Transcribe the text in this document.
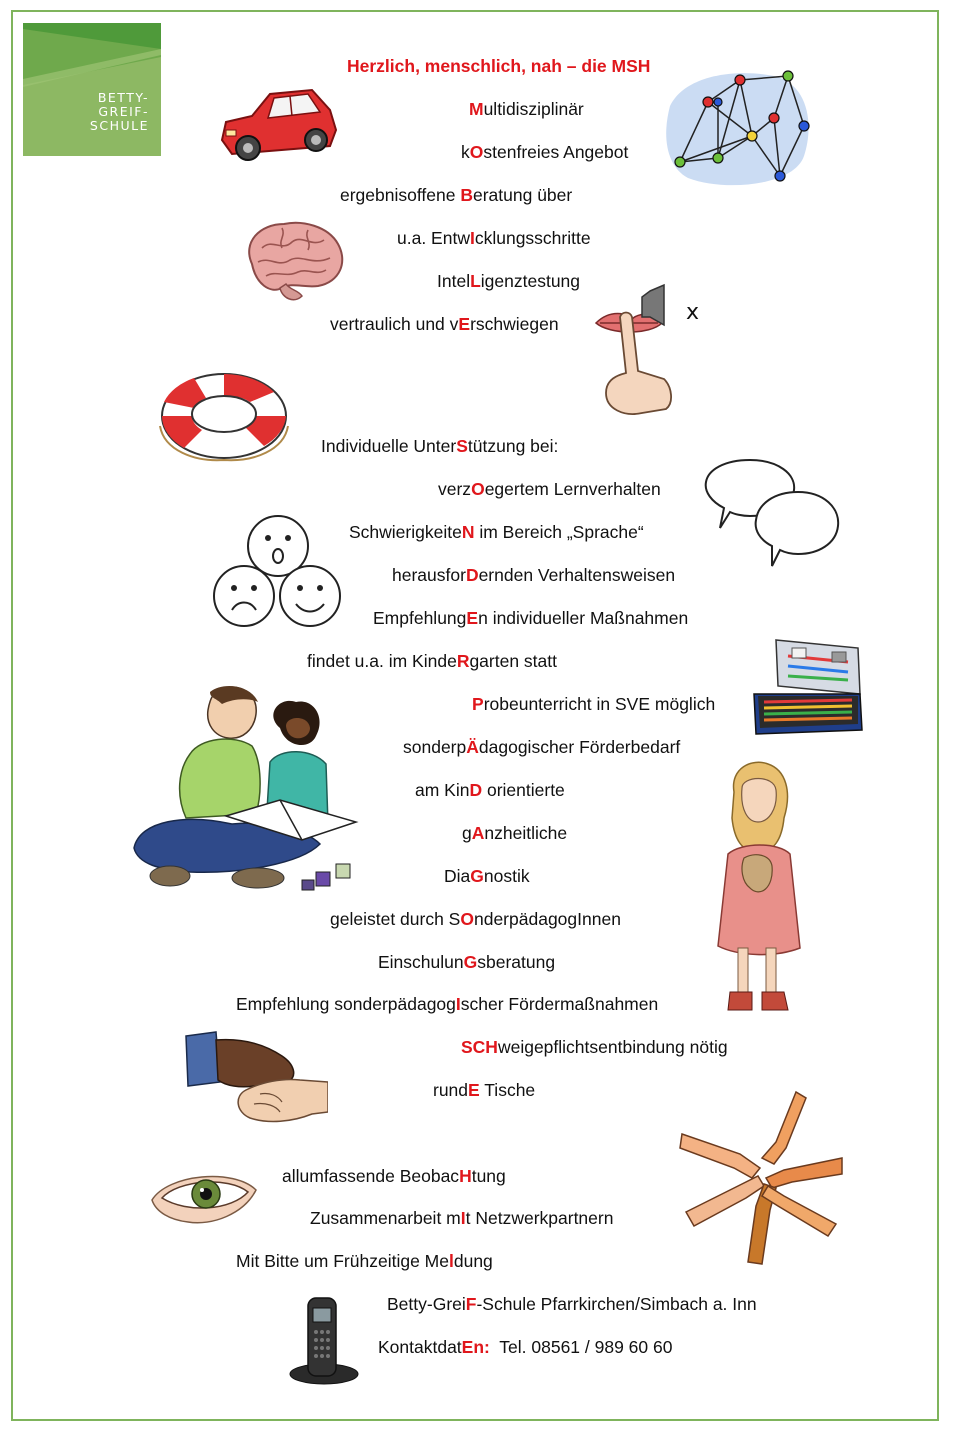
BETTY-
GREIF-
SCHULE
Herzlich, menschlich, nah – die MSH
Multidisziplinär
kOstenfreies Angebot
ergebnisoffene Beratung über
u.a. EntwIcklungsschritte
IntelLigenztestung
vertraulich und vErschwiegen
Individuelle UnterStützung bei:
verzOegertem Lernverhalten
SchwierigkeiteN im Bereich „Sprache“
herausforDernden Verhaltensweisen
EmpfehlungEn individueller Maßnahmen
findet u.a. im KindeRgarten statt
Probeunterricht in SVE möglich
sonderpÄdagogischer Förderbedarf
am KinD orientierte
gAnzheitliche
DiaGnostik
geleistet durch SOnderpädagogInnen
EinschulunGsberatung
Empfehlung sonderpädagogIscher Fördermaßnahmen
SCHweigepflichtsentbindung nötig
rundE Tische
allumfassende BeobacHtung
Zusammenarbeit mIt Netzwerkpartnern
Mit Bitte um Frühzeitige Meldung
Betty-GreiF-Schule Pfarrkirchen/Simbach a. Inn
KontaktdatEn:  Tel. 08561 / 989 60 60
x
